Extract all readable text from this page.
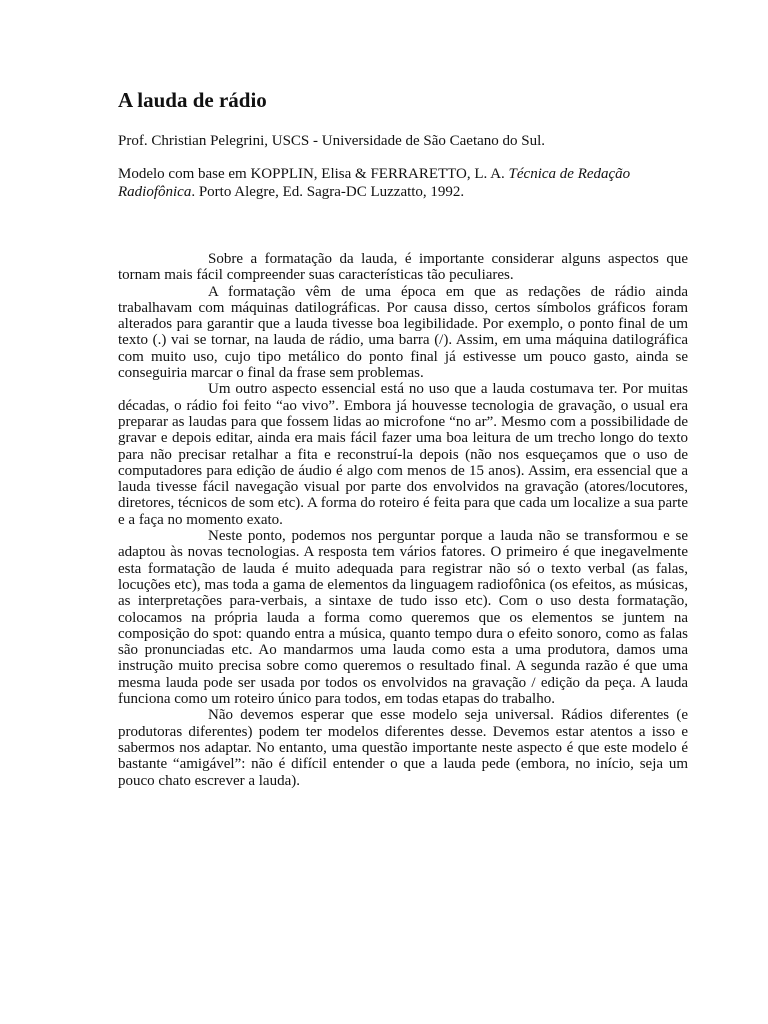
A lauda de rádio

Prof. Christian Pelegrini, USCS - Universidade de São Caetano do Sul.

Modelo com base em KOPPLIN, Elisa & FERRARETTO, L. A. Técnica de Redação Radiofônica. Porto Alegre, Ed. Sagra-DC Luzzatto, 1992.

Sobre a formatação da lauda, é importante considerar alguns aspectos que tornam mais fácil compreender suas características tão peculiares.

A formatação vêm de uma época em que as redações de rádio ainda trabalhavam com máquinas datilográficas. Por causa disso, certos símbolos gráficos foram alterados para garantir que a lauda tivesse boa legibilidade. Por exemplo, o ponto final de um texto (.) vai se tornar, na lauda de rádio, uma barra (/). Assim, em uma máquina datilográfica com muito uso, cujo tipo metálico do ponto final já estivesse um pouco gasto, ainda se conseguiria marcar o final da frase sem problemas.

Um outro aspecto essencial está no uso que a lauda costumava ter. Por muitas décadas, o rádio foi feito “ao vivo”. Embora já houvesse tecnologia de gravação, o usual era preparar as laudas para que fossem lidas ao microfone “no ar”. Mesmo com a possibilidade de gravar e depois editar, ainda era mais fácil fazer uma boa leitura de um trecho longo do texto para não precisar retalhar a fita e reconstruí-la depois (não nos esqueçamos que o uso de computadores para edição de áudio é algo com menos de 15 anos). Assim, era essencial que a lauda tivesse fácil navegação visual por parte dos envolvidos na gravação (atores/locutores, diretores, técnicos de som etc). A forma do roteiro é feita para que cada um localize a sua parte e a faça no momento exato.

Neste ponto, podemos nos perguntar porque a lauda não se transformou e se adaptou às novas tecnologias. A resposta tem vários fatores. O primeiro é que inegavelmente esta formatação de lauda é muito adequada para registrar não só o texto verbal (as falas, locuções etc), mas toda a gama de elementos da linguagem radiofônica (os efeitos, as músicas, as interpretações para-verbais, a sintaxe de tudo isso etc). Com o uso desta formatação, colocamos na própria lauda a forma como queremos que os elementos se juntem na composição do spot: quando entra a música, quanto tempo dura o efeito sonoro, como as falas são pronunciadas etc. Ao mandarmos uma lauda como esta a uma produtora, damos uma instrução muito precisa sobre como queremos o resultado final. A segunda razão é que uma mesma lauda pode ser usada por todos os envolvidos na gravação / edição da peça. A lauda funciona como um roteiro único para todos, em todas etapas do trabalho.

Não devemos esperar que esse modelo seja universal. Rádios diferentes (e produtoras diferentes) podem ter modelos diferentes desse. Devemos estar atentos a isso e sabermos nos adaptar. No entanto, uma questão importante neste aspecto é que este modelo é bastante “amigável”: não é difícil entender o que a lauda pede (embora, no início, seja um pouco chato escrever a lauda).
